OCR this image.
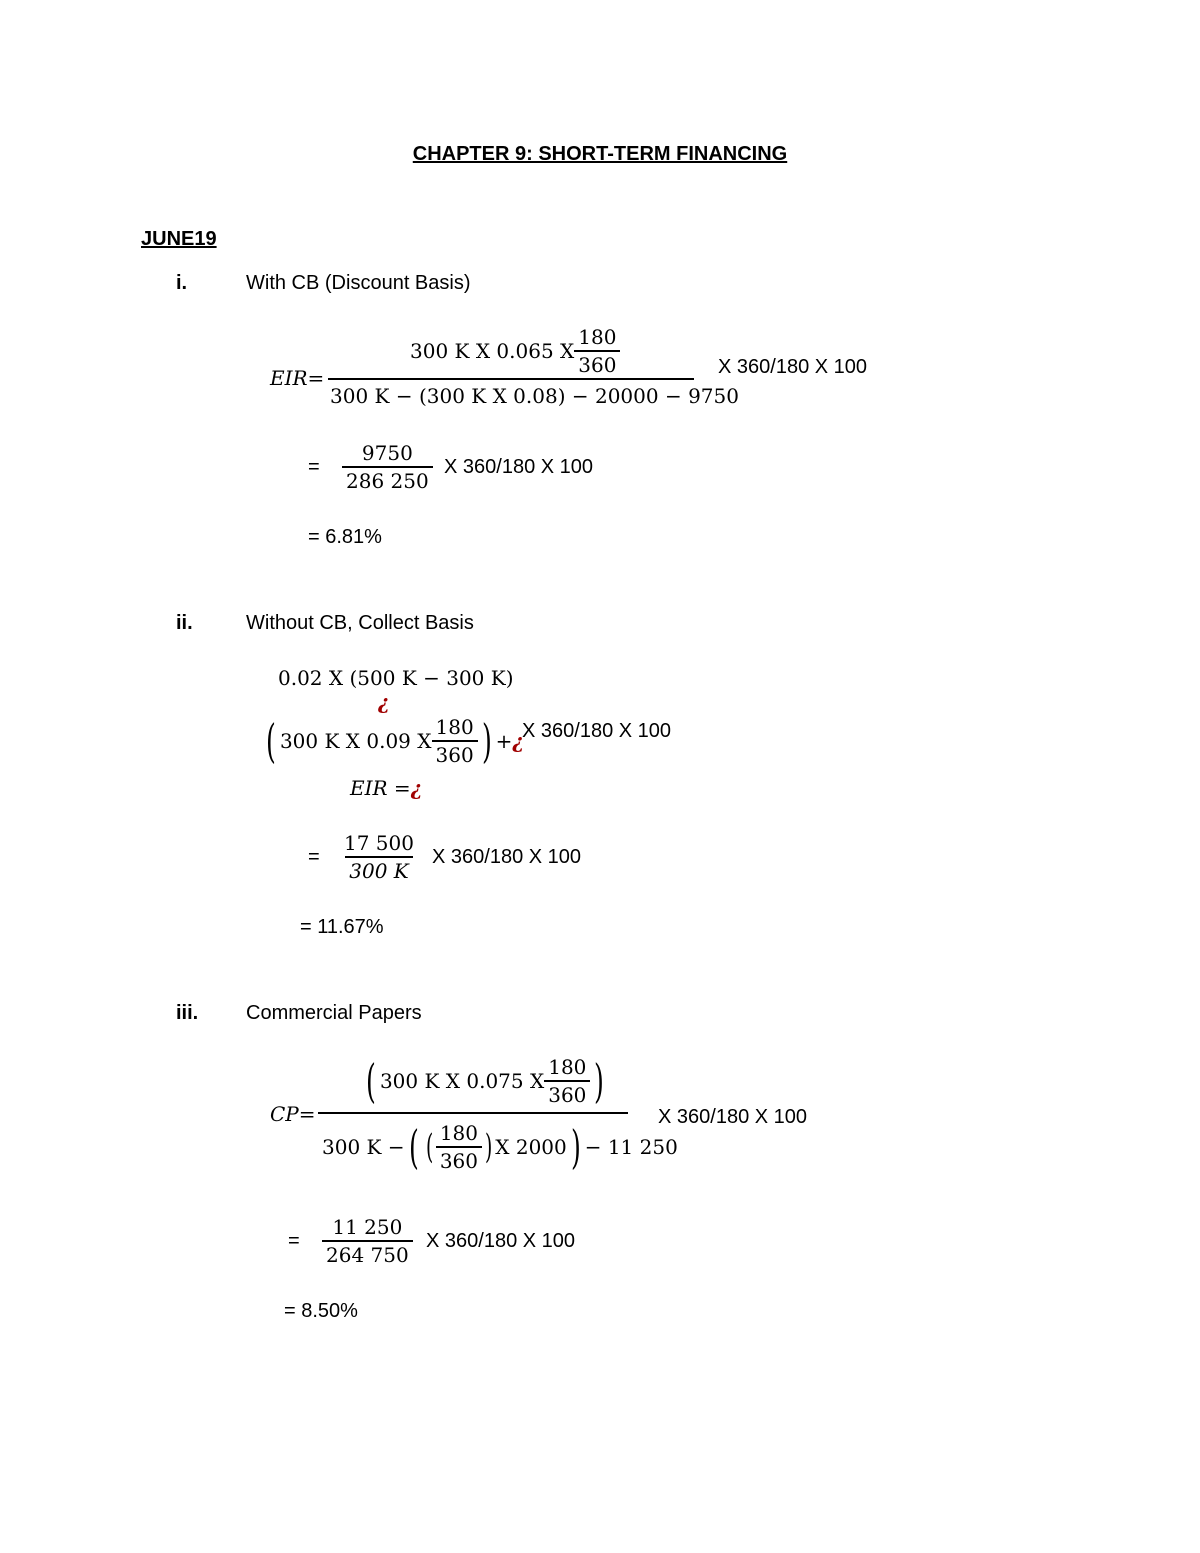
CHAPTER 9: SHORT-TERM FINANCING
JUNE19
i.	With CB (Discount Basis)
EIR=
300 K X 0.065 X $\frac{180}{360}$
300 K − (300 K X 0.08) − 20000 − 9750
X 360/180 X 100
= $\frac{9750}{286 250}$ X 360/180 X 100
= 6.81%
ii.	Without CB, Collect Basis
0.02 X (500 K − 300 K)
¿
( 300 K X 0.09 X $\frac{180}{360}$ ) + ¿
X 360/180 X 100
EIR =¿
= $\frac{17 500}{300 K}$ X 360/180 X 100
= 11.67%
iii. Commercial Papers
CP=
( 300 K X 0.075 X $\frac{180}{360}$ )
300 K − ( ( $\frac{180}{360}$ ) X 2000 ) − 11 250
X 360/180 X 100
= $\frac{11 250}{264 750}$ X 360/180 X 100
= 8.50%
